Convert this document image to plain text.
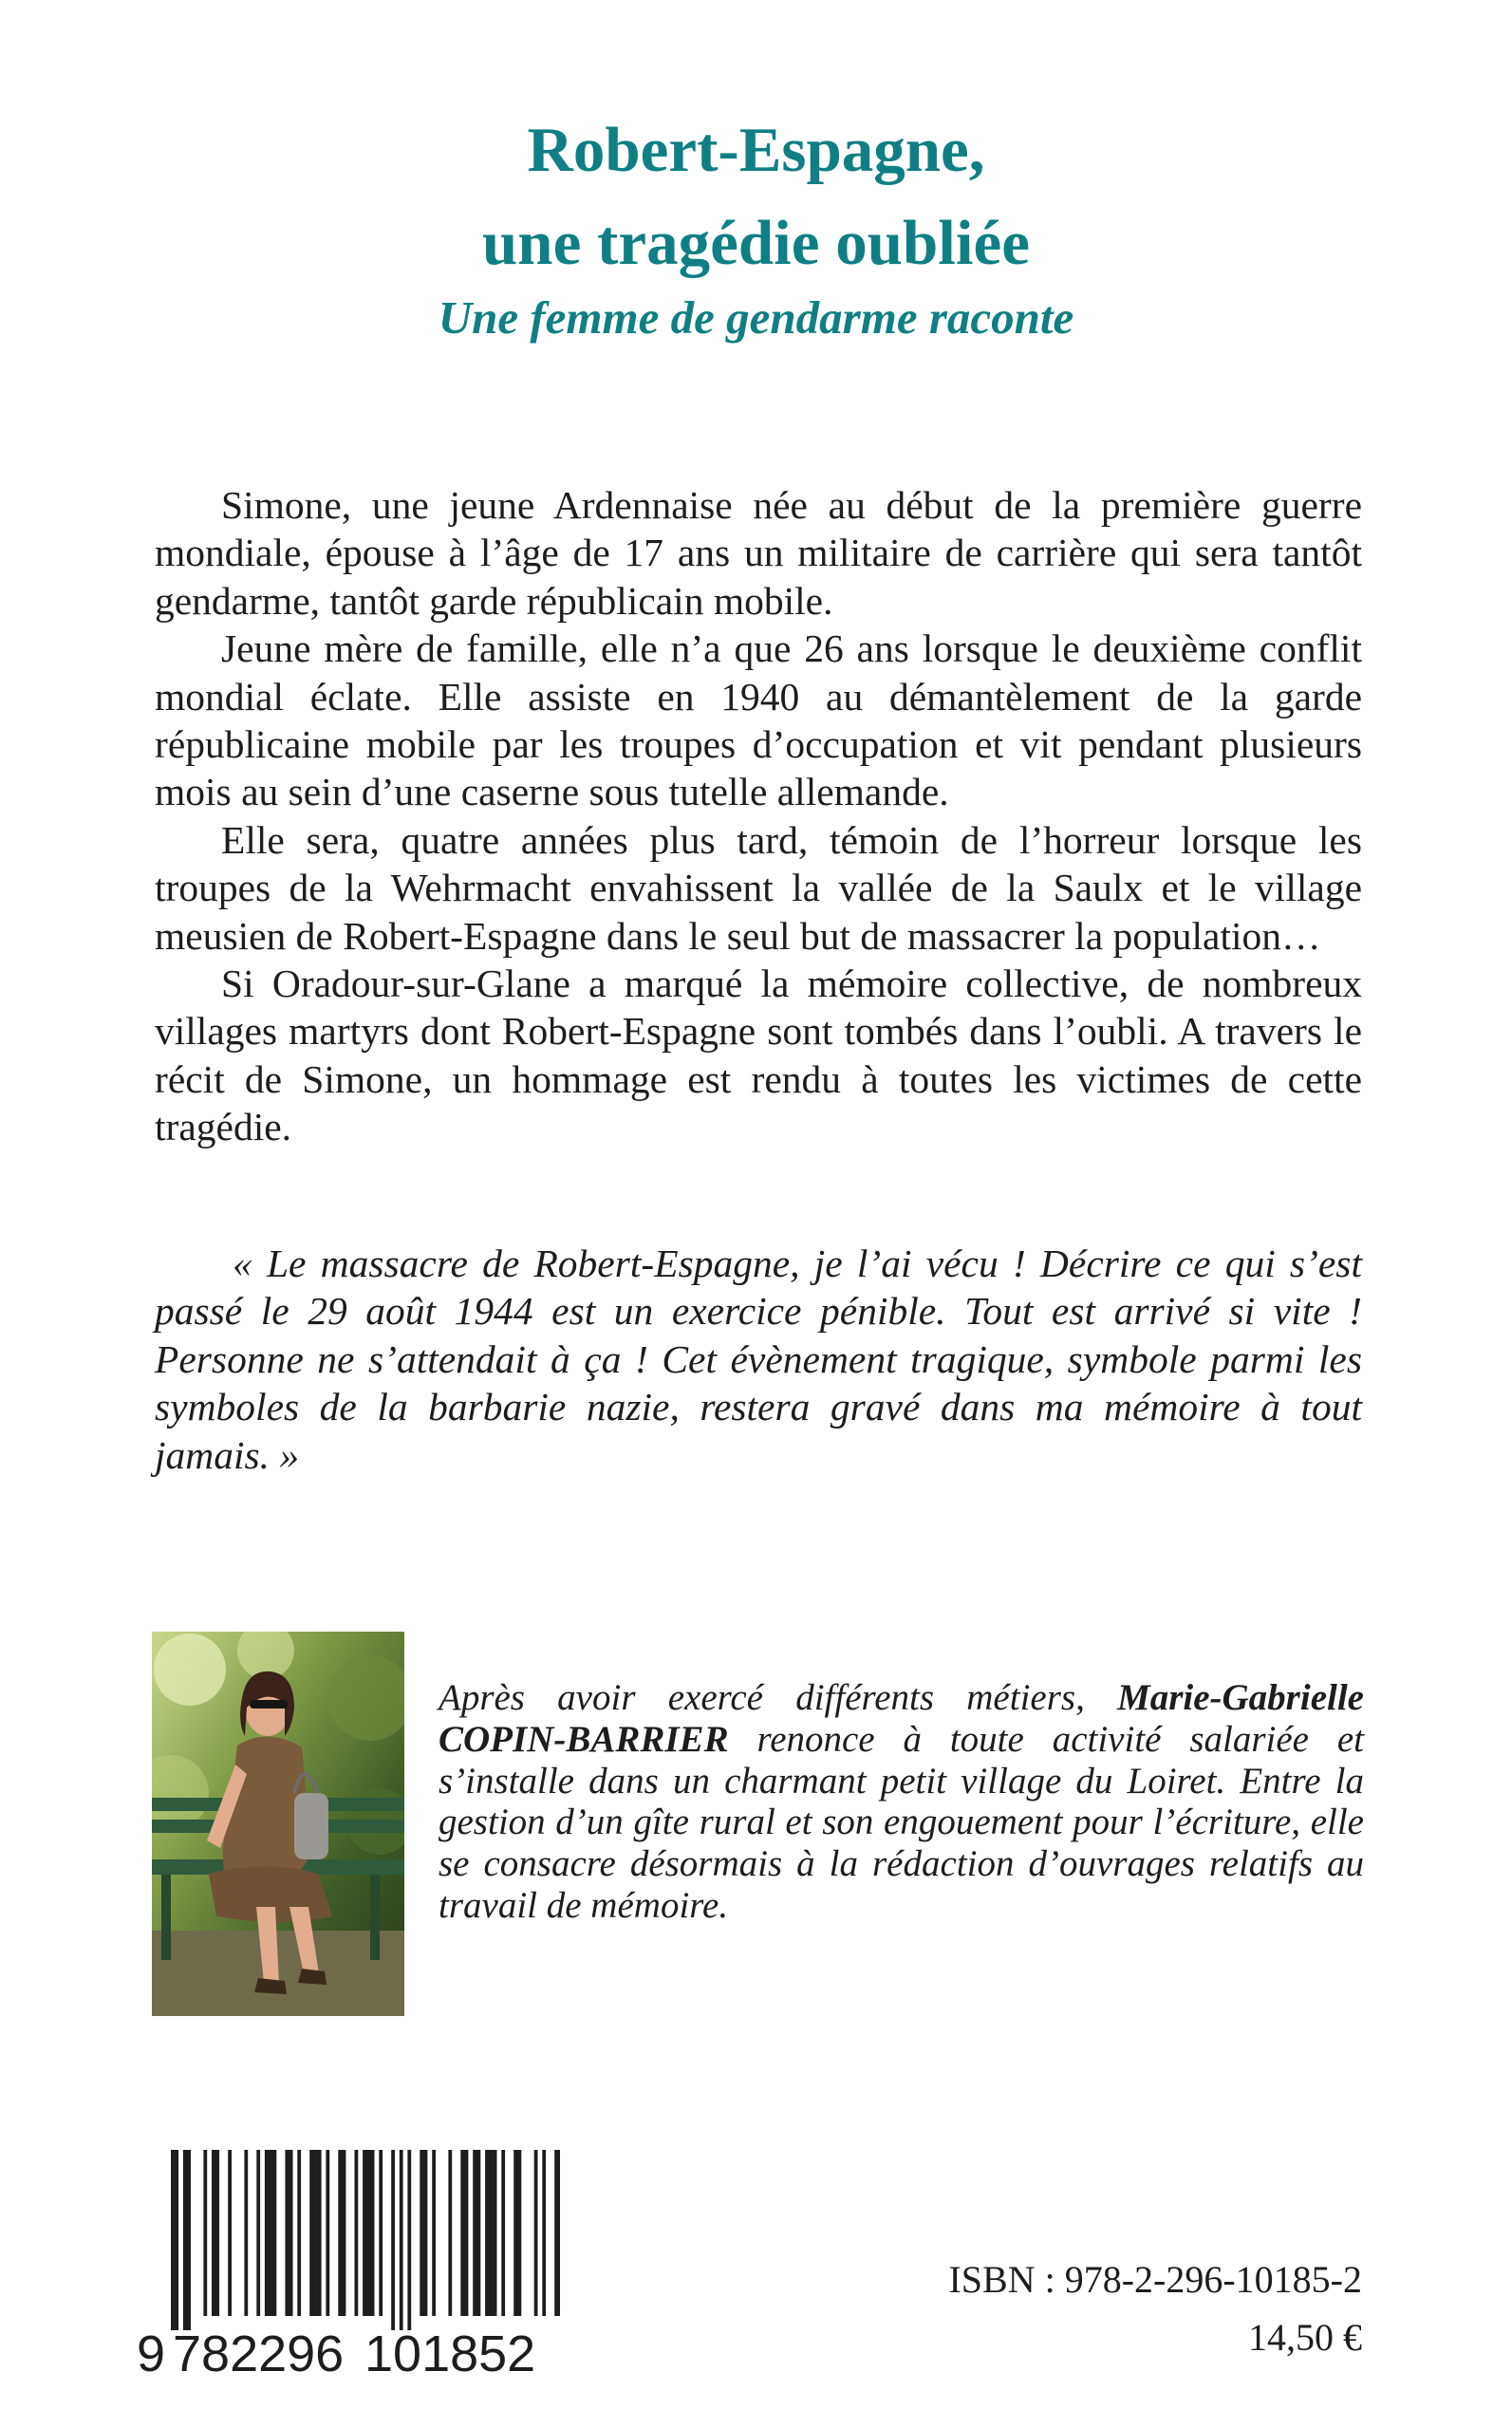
Robert-Espagne,
une tragédie oubliée
Une femme de gendarme raconte

Simone, une jeune Ardennaise née au début de la première guerre mondiale, épouse à l’âge de 17 ans un militaire de carrière qui sera tantôt gendarme, tantôt garde républicain mobile.

Jeune mère de famille, elle n’a que 26 ans lorsque le deuxième conflit mondial éclate. Elle assiste en 1940 au démantèlement de la garde républicaine mobile par les troupes d’occupation et vit pendant plusieurs mois au sein d’une caserne sous tutelle allemande.

Elle sera, quatre années plus tard, témoin de l’horreur lorsque les troupes de la Wehrmacht envahissent la vallée de la Saulx et le village meusien de Robert-Espagne dans le seul but de massacrer la population…

Si Oradour-sur-Glane a marqué la mémoire collective, de nombreux villages martyrs dont Robert-Espagne sont tombés dans l’oubli. A travers le récit de Simone, un hommage est rendu à toutes les victimes de cette tragédie.

« Le massacre de Robert-Espagne, je l’ai vécu ! Décrire ce qui s’est passé le 29 août 1944 est un exercice pénible. Tout est arrivé si vite ! Personne ne s’attendait à ça ! Cet évènement tragique, symbole parmi les symboles de la barbarie nazie, restera gravé dans ma mémoire à tout jamais. »

Après avoir exercé différents métiers, Marie-Gabrielle COPIN-BARRIER renonce à toute activité salariée et s’installe dans un charmant petit village du Loiret. Entre la gestion d’un gîte rural et son engouement pour l’écriture, elle se consacre désormais à la rédaction d’ouvrages relatifs au travail de mémoire.

9 782296 101852

ISBN : 978-2-296-10185-2

14,50 €
